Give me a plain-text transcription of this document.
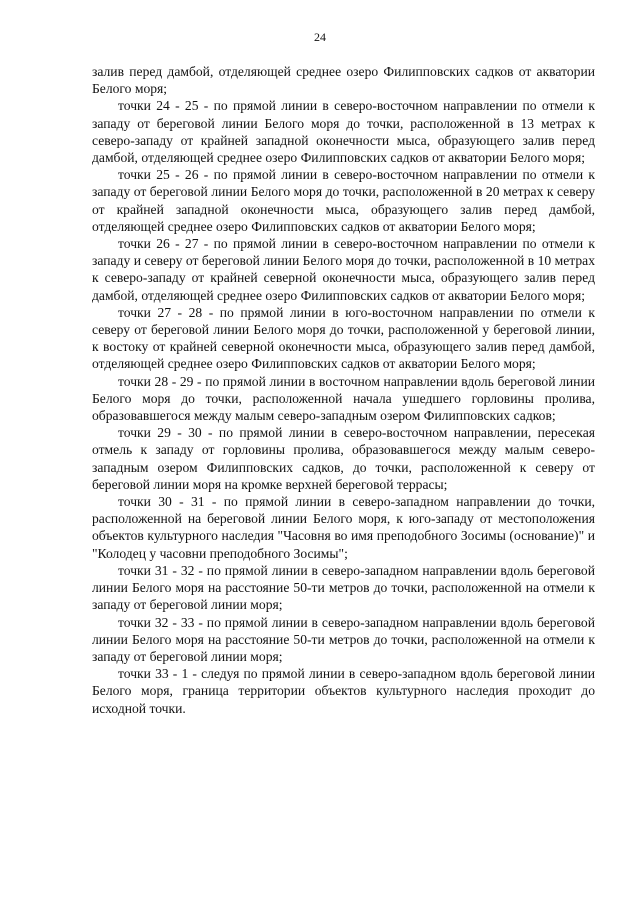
24

залив перед дамбой, отделяющей среднее озеро Филипповских садков от акватории Белого моря;

точки 24 - 25 - по прямой линии в северо-восточном направлении по отмели к западу от береговой линии Белого моря до точки, расположенной в 13 метрах к северо-западу от крайней западной оконечности мыса, образующего залив перед дамбой, отделяющей среднее озеро Филипповских садков от акватории Белого моря;

точки 25 - 26 - по прямой линии в северо-восточном направлении по отмели к западу от береговой линии Белого моря до точки, расположенной в 20 метрах к северу от крайней западной оконечности мыса, образующего залив перед дамбой, отделяющей среднее озеро Филипповских садков от акватории Белого моря;

точки 26 - 27 - по прямой линии в северо-восточном направлении по отмели к западу и северу от береговой линии Белого моря до точки, расположенной в 10 метрах к северо-западу от крайней северной оконечности мыса, образующего залив перед дамбой, отделяющей среднее озеро Филипповских садков от акватории Белого моря;

точки 27 - 28 - по прямой линии в юго-восточном направлении по отмели к северу от береговой линии Белого моря до точки, расположенной у береговой линии, к востоку от крайней северной оконечности мыса, образующего залив перед дамбой, отделяющей среднее озеро Филипповских садков от акватории Белого моря;

точки 28 - 29 - по прямой линии в восточном направлении вдоль береговой линии Белого моря до точки, расположенной начала ушедшего горловины пролива, образовавшегося между малым северо-западным озером Филипповских садков;

точки 29 - 30 - по прямой линии в северо-восточном направлении, пересекая отмель к западу от горловины пролива, образовавшегося между малым северо-западным озером Филипповских садков, до точки, расположенной к северу от береговой линии моря на кромке верхней береговой террасы;

точки 30 - 31 - по прямой линии в северо-западном направлении до точки, расположенной на береговой линии Белого моря, к юго-западу от местоположения объектов культурного наследия "Часовня во имя преподобного Зосимы (основание)" и "Колодец у часовни преподобного Зосимы";

точки 31 - 32 - по прямой линии в северо-западном направлении вдоль береговой линии Белого моря на расстояние 50-ти метров до точки, расположенной на отмели к западу от береговой линии моря;

точки 32 - 33 - по прямой линии в северо-западном направлении вдоль береговой линии Белого моря на расстояние 50-ти метров до точки, расположенной на отмели к западу от береговой линии моря;

точки 33 - 1 - следуя по прямой линии в северо-западном вдоль береговой линии Белого моря, граница территории объектов культурного наследия проходит до исходной точки.
